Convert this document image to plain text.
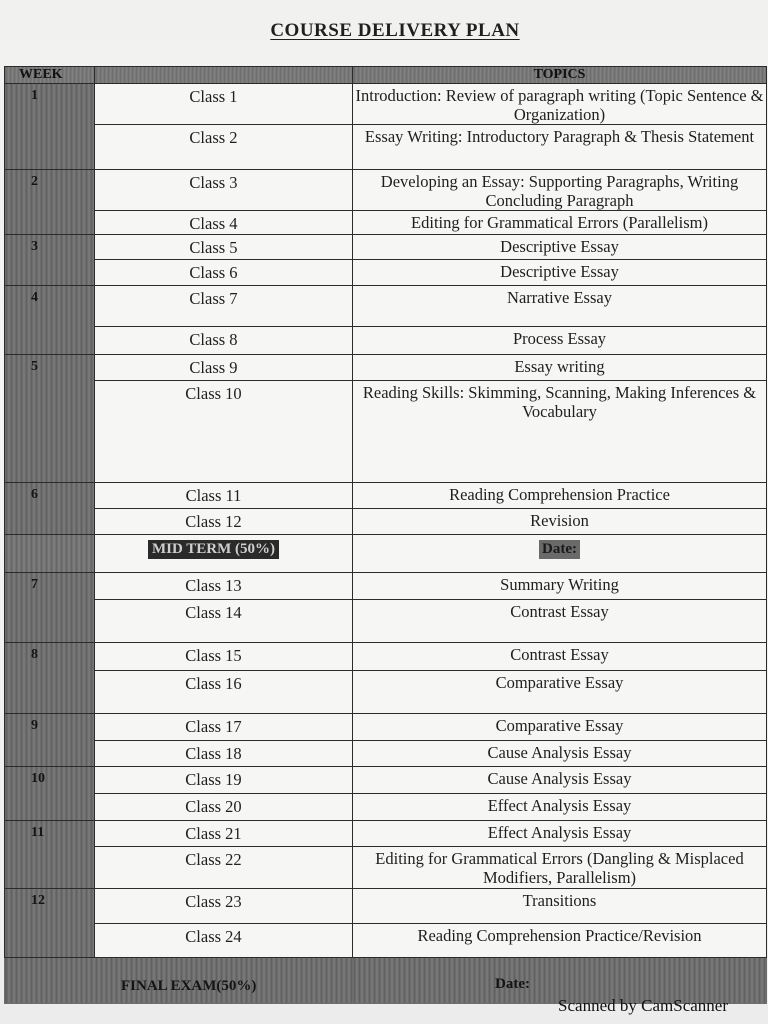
COURSE DELIVERY PLAN
WEEK		TOPICS
1	Class 1	Introduction: Review of paragraph writing (Topic Sentence & Organization)
	Class 2	Essay Writing: Introductory Paragraph & Thesis Statement
2	Class 3	Developing an Essay: Supporting Paragraphs, Writing Concluding Paragraph
	Class 4	Editing for Grammatical Errors (Parallelism)
3	Class 5	Descriptive Essay
	Class 6	Descriptive Essay
4	Class 7	Narrative Essay
	Class 8	Process Essay
5	Class 9	Essay writing
	Class 10	Reading Skills: Skimming, Scanning, Making Inferences & Vocabulary
6	Class 11	Reading Comprehension Practice
	Class 12	Revision
	MID TERM (50%)	Date:
7	Class 13	Summary Writing
	Class 14	Contrast Essay
8	Class 15	Contrast Essay
	Class 16	Comparative Essay
9	Class 17	Comparative Essay
	Class 18	Cause Analysis Essay
10	Class 19	Cause Analysis Essay
	Class 20	Effect Analysis Essay
11	Class 21	Effect Analysis Essay
	Class 22	Editing for Grammatical Errors (Dangling & Misplaced Modifiers, Parallelism)
12	Class 23	Transitions
	Class 24	Reading Comprehension Practice/Revision
FINAL EXAM(50%)		Date:
Scanned by CamScanner
